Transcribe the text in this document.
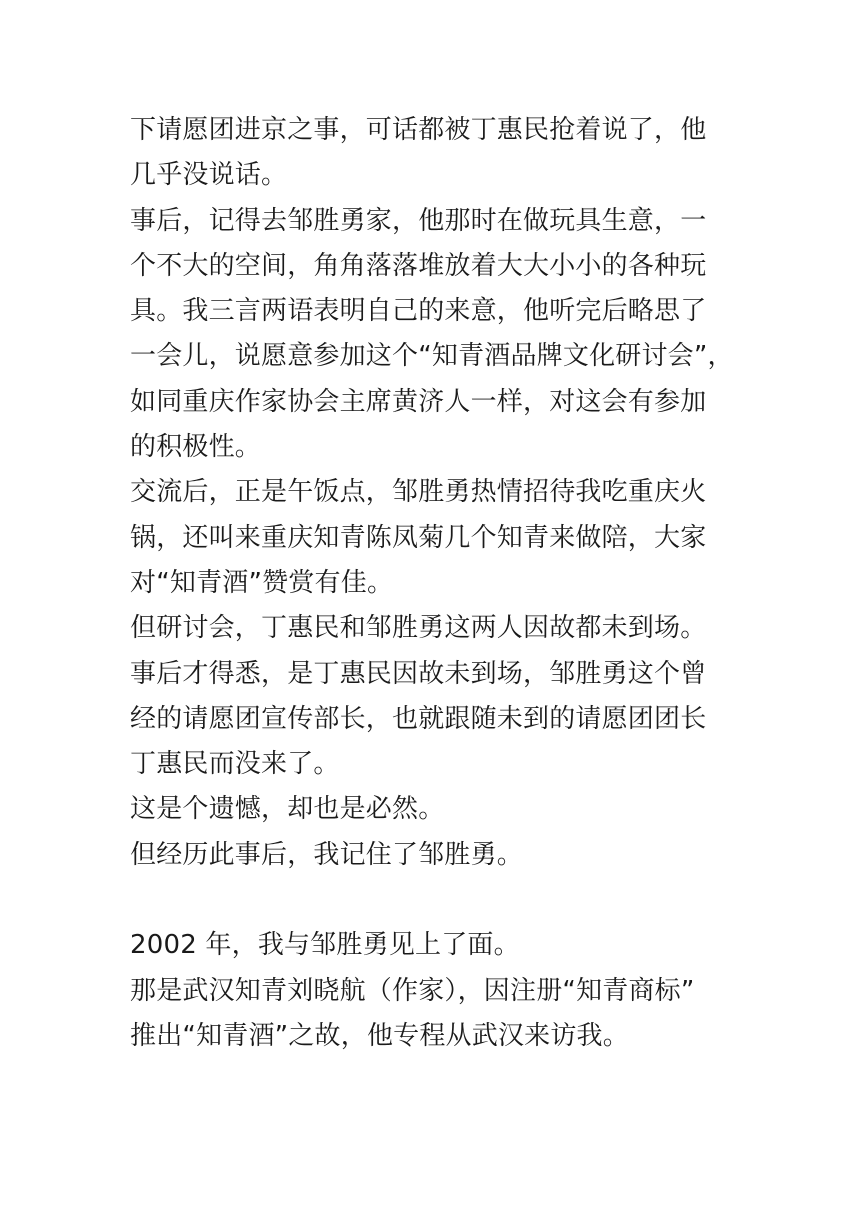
下请愿团进京之事，可话都被丁惠民抢着说了，他
几乎没说话。
事后，记得去邹胜勇家，他那时在做玩具生意，一
个不大的空间，角角落落堆放着大大小小的各种玩
具。我三言两语表明自己的来意，他听完后略思了
一会儿，说愿意参加这个“知青酒品牌文化研讨会”，
如同重庆作家协会主席黄济人一样，对这会有参加
的积极性。
交流后，正是午饭点，邹胜勇热情招待我吃重庆火
锅，还叫来重庆知青陈凤菊几个知青来做陪，大家
对“知青酒”赞赏有佳。
但研讨会，丁惠民和邹胜勇这两人因故都未到场。
事后才得悉，是丁惠民因故未到场，邹胜勇这个曾
经的请愿团宣传部长，也就跟随未到的请愿团团长
丁惠民而没来了。
这是个遗憾，却也是必然。
但经历此事后，我记住了邹胜勇。
2002 年，我与邹胜勇见上了面。
那是武汉知青刘晓航（作家），因注册“知青商标”
推出“知青酒”之故，他专程从武汉来访我。
